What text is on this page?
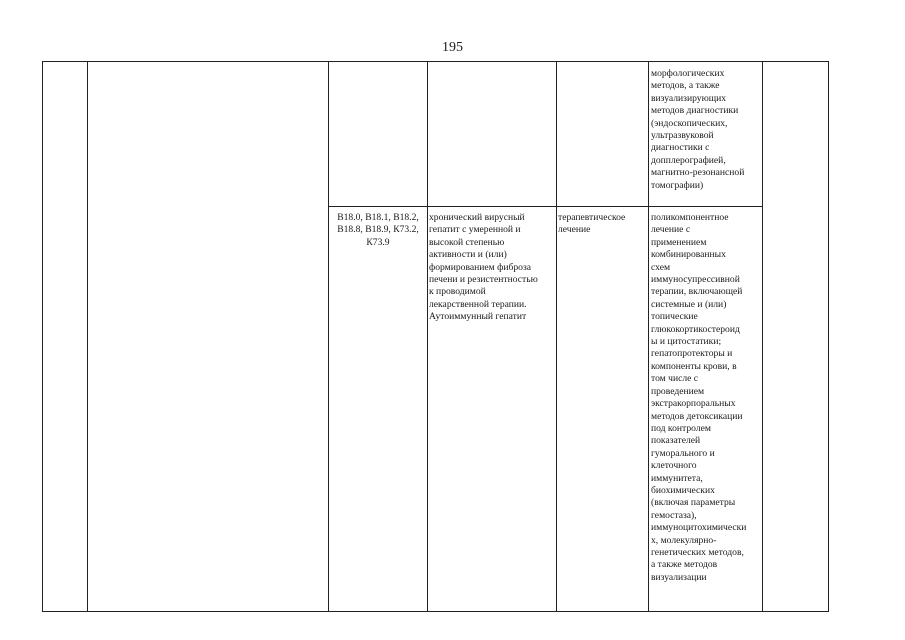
195

морфологических
методов, а также
визуализирующих
методов диагностики
(эндоскопических,
ультразвуковой
диагностики с
допплерографией,
магнитно-резонансной
томографии)

В18.0, В18.1, В18.2,
В18.8, В18.9, К73.2,
К73.9

хронический вирусный
гепатит с умеренной и
высокой степенью
активности и (или)
формированием фиброза
печени и резистентностью
к проводимой
лекарственной терапии.
Аутоиммунный гепатит

терапевтическое
лечение

поликомпонентное
лечение с
применением
комбинированных
схем
иммуносупрессивной
терапии, включающей
системные и (или)
топические
глюкокортикостероид
ы и цитостатики;
гепатопротекторы и
компоненты крови, в
том числе с
проведением
экстракорпоральных
методов детоксикации
под контролем
показателей
гуморального и
клеточного
иммунитета,
биохимических
(включая параметры
гемостаза),
иммуноцитохимически
х, молекулярно-
генетических методов,
а также методов
визуализации
